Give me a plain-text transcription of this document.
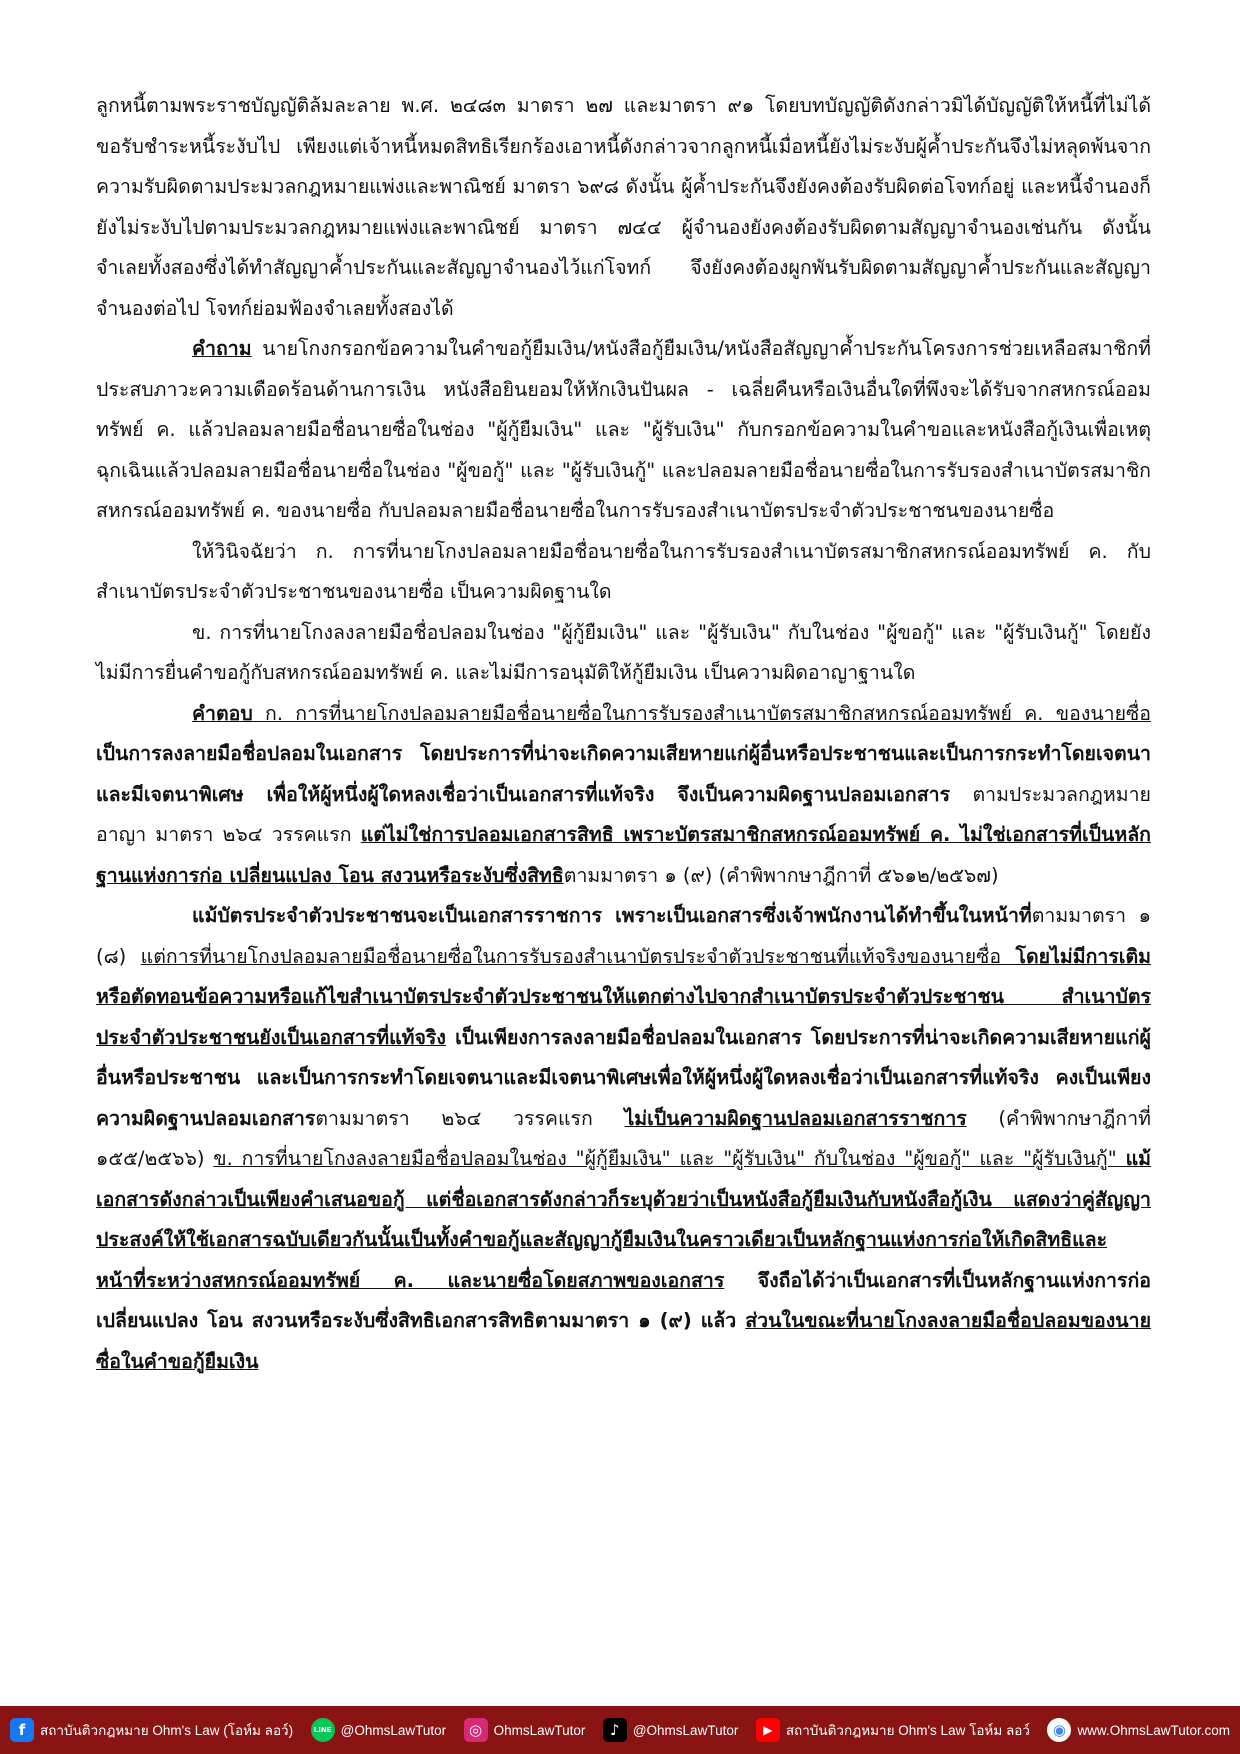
ลูกหนี้ตามพระราชบัญญัติล้มละลาย พ.ศ. ๒๔๘๓ มาตรา ๒๗ และมาตรา ๙๑ โดยบทบัญญัติดังกล่าวมิได้บัญญัติให้หนี้ที่ไม่ได้ขอรับชำระหนี้ระงับไป เพียงแต่เจ้าหนี้หมดสิทธิเรียกร้องเอาหนี้ดังกล่าวจากลูกหนี้เมื่อหนี้ยังไม่ระงับผู้ค้ำประกันจึงไม่หลุดพ้นจากความรับผิดตามประมวลกฎหมายแพ่งและพาณิชย์ มาตรา ๖๙๘ ดังนั้น ผู้ค้ำประกันจึงยังคงต้องรับผิดต่อโจทก์อยู่ และหนี้จำนองก็ยังไม่ระงับไปตามประมวลกฎหมายแพ่งและพาณิชย์ มาตรา ๗๔๔ ผู้จำนองยังคงต้องรับผิดตามสัญญาจำนองเช่นกัน ดังนั้น จำเลยทั้งสองซึ่งได้ทำสัญญาค้ำประกันและสัญญาจำนองไว้แก่โจทก์ จึงยังคงต้องผูกพันรับผิดตามสัญญาค้ำประกันและสัญญาจำนองต่อไป โจทก์ย่อมฟ้องจำเลยทั้งสองได้

คำถาม นายโกงกรอกข้อความในคำขอกู้ยืมเงิน/หนังสือกู้ยืมเงิน/หนังสือสัญญาค้ำประกันโครงการช่วยเหลือสมาชิกที่ประสบภาวะความเดือดร้อนด้านการเงิน หนังสือยินยอมให้หักเงินปันผล - เฉลี่ยคืนหรือเงินอื่นใดที่พึงจะได้รับจากสหกรณ์ออมทรัพย์ ค. แล้วปลอมลายมือชื่อนายซื่อในช่อง "ผู้กู้ยืมเงิน" และ "ผู้รับเงิน" กับกรอกข้อความในคำขอและหนังสือกู้เงินเพื่อเหตุฉุกเฉินแล้วปลอมลายมือชื่อนายซื่อในช่อง "ผู้ขอกู้" และ "ผู้รับเงินกู้" และปลอมลายมือชื่อนายซื่อในการรับรองสำเนาบัตรสมาชิกสหกรณ์ออมทรัพย์ ค. ของนายซื่อ กับปลอมลายมือชื่อนายซื่อในการรับรองสำเนาบัตรประจำตัวประชาชนของนายซื่อ

ให้วินิจฉัยว่า ก. การที่นายโกงปลอมลายมือชื่อนายซื่อในการรับรองสำเนาบัตรสมาชิกสหกรณ์ออมทรัพย์ ค. กับสำเนาบัตรประจำตัวประชาชนของนายซื่อ เป็นความผิดฐานใด

ข. การที่นายโกงลงลายมือชื่อปลอมในช่อง "ผู้กู้ยืมเงิน" และ "ผู้รับเงิน" กับในช่อง "ผู้ขอกู้" และ "ผู้รับเงินกู้" โดยยังไม่มีการยื่นคำขอกู้กับสหกรณ์ออมทรัพย์ ค. และไม่มีการอนุมัติให้กู้ยืมเงิน เป็นความผิดอาญาฐานใด

คำตอบ ก. การที่นายโกงปลอมลายมือชื่อนายซื่อในการรับรองสำเนาบัตรสมาชิกสหกรณ์ออมทรัพย์ ค. ของนายซื่อ เป็นการลงลายมือชื่อปลอมในเอกสาร โดยประการที่น่าจะเกิดความเสียหายแก่ผู้อื่นหรือประชาชนและเป็นการกระทำโดยเจตนาและมีเจตนาพิเศษ เพื่อให้ผู้หนึ่งผู้ใดหลงเชื่อว่าเป็นเอกสารที่แท้จริง จึงเป็นความผิดฐานปลอมเอกสาร ตามประมวลกฎหมายอาญา มาตรา ๒๖๔ วรรคแรก แต่ไม่ใช่การปลอมเอกสารสิทธิ เพราะบัตรสมาชิกสหกรณ์ออมทรัพย์ ค. ไม่ใช่เอกสารที่เป็นหลักฐานแห่งการก่อ เปลี่ยนแปลง โอน สงวนหรือระงับซึ่งสิทธิตามมาตรา ๑ (๙) (คำพิพากษาฎีกาที่ ๕๖๑๒/๒๕๖๗)

แม้บัตรประจำตัวประชาชนจะเป็นเอกสารราชการ เพราะเป็นเอกสารซึ่งเจ้าพนักงานได้ทำขึ้นในหน้าที่ตามมาตรา ๑ (๘) แต่การที่นายโกงปลอมลายมือชื่อนายซื่อในการรับรองสำเนาบัตรประจำตัวประชาชนที่แท้จริงของนายซื่อ โดยไม่มีการเติมหรือตัดทอนข้อความหรือแก้ไขสำเนาบัตรประจำตัวประชาชนให้แตกต่างไปจากสำเนาบัตรประจำตัวประชาชน สำเนาบัตรประจำตัวประชาชนยังเป็นเอกสารที่แท้จริง เป็นเพียงการลงลายมือชื่อปลอมในเอกสาร โดยประการที่น่าจะเกิดความเสียหายแก่ผู้อื่นหรือประชาชน และเป็นการกระทำโดยเจตนาและมีเจตนาพิเศษเพื่อให้ผู้หนึ่งผู้ใดหลงเชื่อว่าเป็นเอกสารที่แท้จริง คงเป็นเพียงความผิดฐานปลอมเอกสารตามมาตรา ๒๖๔ วรรคแรก ไม่เป็นความผิดฐานปลอมเอกสารราชการ (คำพิพากษาฎีกาที่ ๑๕๕/๒๕๖๖) ข. การที่นายโกงลงลายมือชื่อปลอมในช่อง "ผู้กู้ยืมเงิน" และ "ผู้รับเงิน" กับในช่อง "ผู้ขอกู้" และ "ผู้รับเงินกู้" แม้เอกสารดังกล่าวเป็นเพียงคำเสนอขอกู้ แต่ชื่อเอกสารดังกล่าวก็ระบุด้วยว่าเป็นหนังสือกู้ยืมเงินกับหนังสือกู้เงิน แสดงว่าคู่สัญญาประสงค์ให้ใช้เอกสารฉบับเดียวกันนั้นเป็นทั้งคำขอกู้และสัญญากู้ยืมเงินในคราวเดียวเป็นหลักฐานแห่งการก่อให้เกิดสิทธิและหน้าที่ระหว่างสหกรณ์ออมทรัพย์ ค. และนายซื่อโดยสภาพของเอกสาร จึงถือได้ว่าเป็นเอกสารที่เป็นหลักฐานแห่งการก่อ เปลี่ยนแปลง โอน สงวนหรือระงับซึ่งสิทธิเอกสารสิทธิตามมาตรา ๑ (๙) แล้ว ส่วนในขณะที่นายโกงลงลายมือชื่อปลอมของนายซื่อในคำขอกู้ยืมเงิน

f	สถาบันติวกฎหมาย Ohm's Law (โอห์ม ลอว์)	LINE @OhmsLawTutor	◎ OhmsLawTutor	♪ @OhmsLawTutor	▶ สถาบันติวกฎหมาย Ohm's Law โอห์ม ลอว์	◉ www.OhmsLawTutor.com
